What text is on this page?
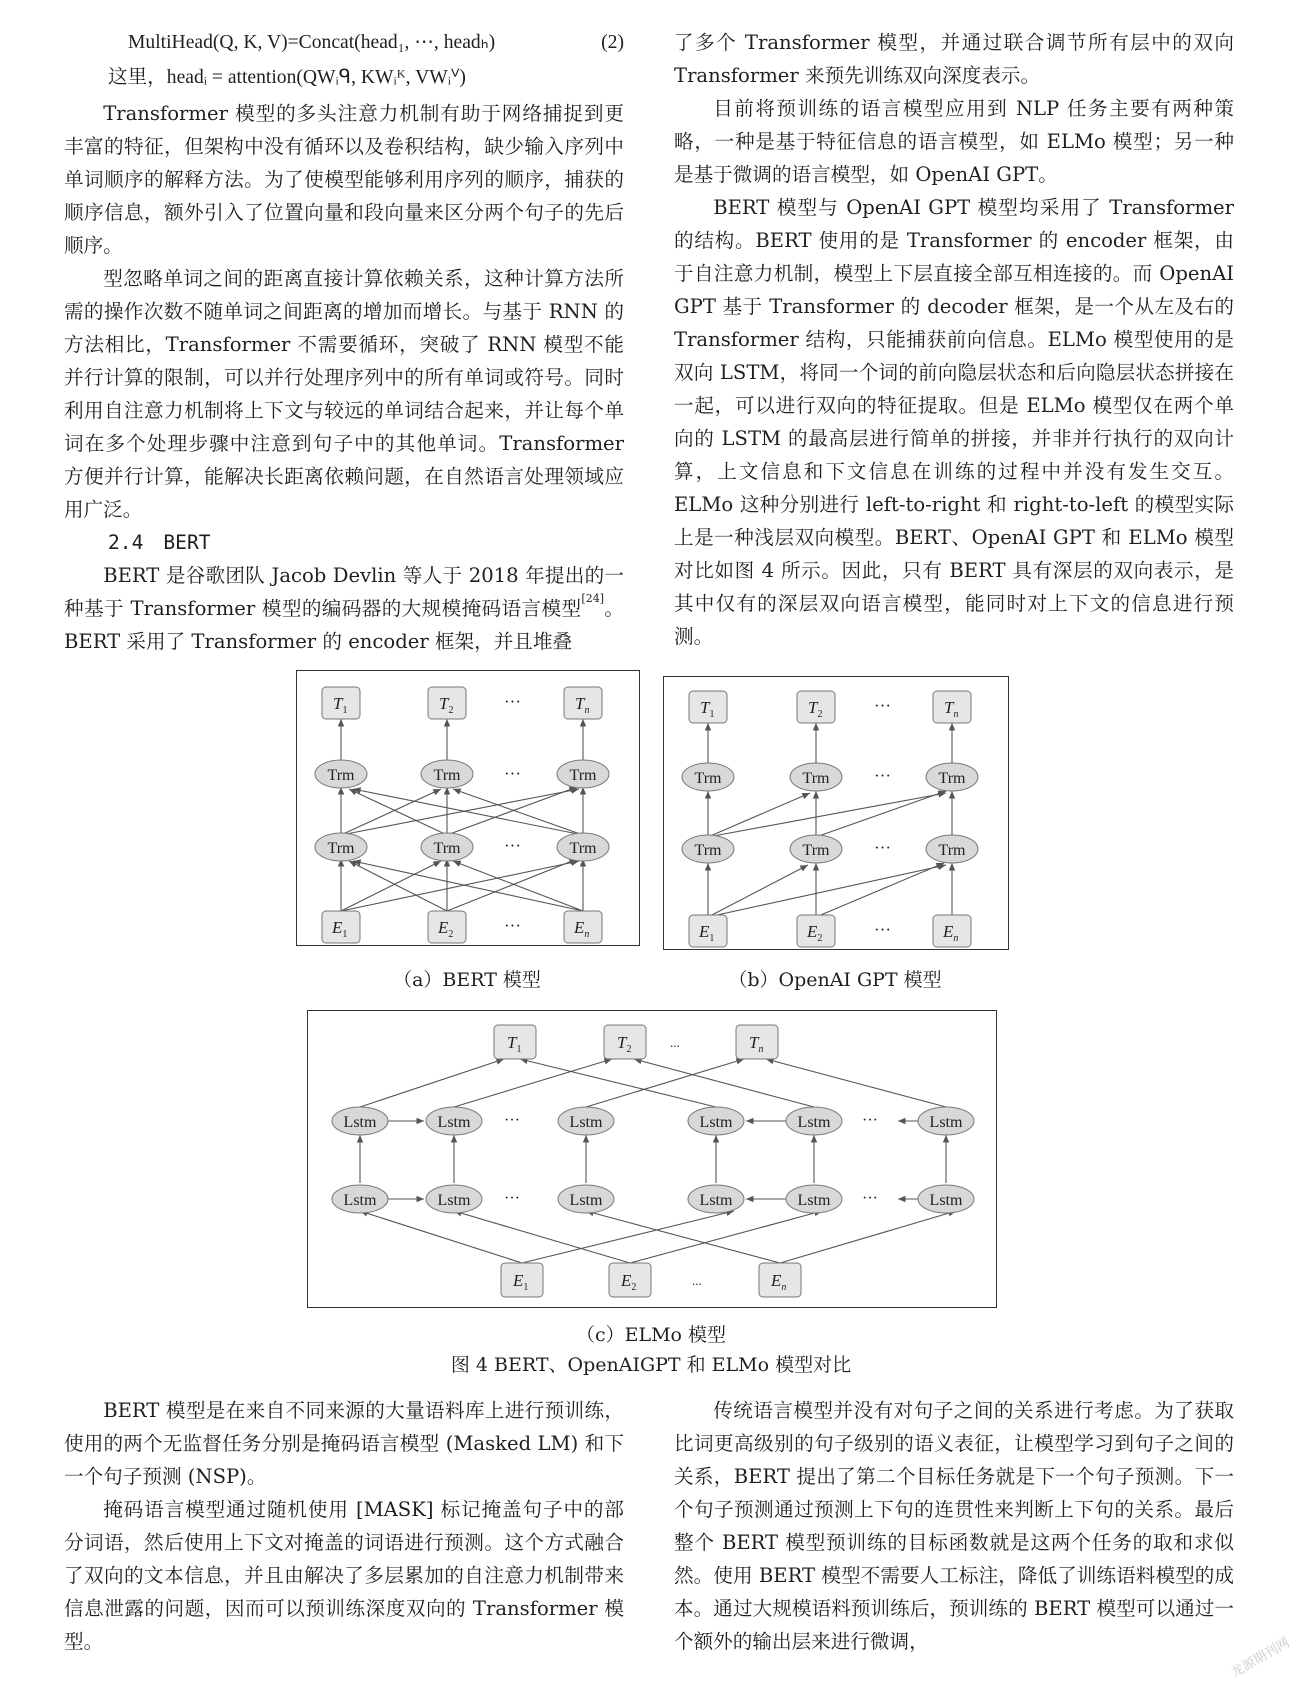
MultiHead(Q, K, V)=Concat(head₁, ⋯, headₕ)	(2)
这里，headᵢ = attention(QWᵢᑫ, KWᵢᴷ, VWᵢⱽ)

Transformer 模型的多头注意力机制有助于网络捕捉到更丰富的特征，但架构中没有循环以及卷积结构，缺少输入序列中单词顺序的解释方法。为了使模型能够利用序列的顺序，捕获的顺序信息，额外引入了位置向量和段向量来区分两个句子的先后顺序。

型忽略单词之间的距离直接计算依赖关系，这种计算方法所需的操作次数不随单词之间距离的增加而增长。与基于 RNN 的方法相比，Transformer 不需要循环，突破了 RNN 模型不能并行计算的限制，可以并行处理序列中的所有单词或符号。同时利用自注意力机制将上下文与较远的单词结合起来，并让每个单词在多个处理步骤中注意到句子中的其他单词。Transformer 方便并行计算，能解决长距离依赖问题，在自然语言处理领域应用广泛。

2.4 BERT

BERT 是谷歌团队 Jacob Devlin 等人于 2018 年提出的一种基于 Transformer 模型的编码器的大规模掩码语言模型[24]。BERT 采用了 Transformer 的 encoder 框架，并且堆叠

了多个 Transformer 模型，并通过联合调节所有层中的双向 Transformer 来预先训练双向深度表示。

目前将预训练的语言模型应用到 NLP 任务主要有两种策略，一种是基于特征信息的语言模型，如 ELMo 模型；另一种是基于微调的语言模型，如 OpenAI GPT。

BERT 模型与 OpenAI GPT 模型均采用了 Transformer 的结构。BERT 使用的是 Transformer 的 encoder 框架，由于自注意力机制，模型上下层直接全部互相连接的。而 OpenAI GPT 基于 Transformer 的 decoder 框架，是一个从左及右的 Transformer 结构，只能捕获前向信息。ELMo 模型使用的是双向 LSTM，将同一个词的前向隐层状态和后向隐层状态拼接在一起，可以进行双向的特征提取。但是 ELMo 模型仅在两个单向的 LSTM 的最高层进行简单的拼接，并非并行执行的双向计算，上文信息和下文信息在训练的过程中并没有发生交互。ELMo 这种分别进行 left-to-right 和 right-to-left 的模型实际上是一种浅层双向模型。BERT、OpenAI GPT 和 ELMo 模型对比如图 4 所示。因此，只有 BERT 具有深层的双向表示，是其中仅有的深层双向语言模型，能同时对上下文的信息进行预测。

$T_1$	$T_2$	$T_n$
···
Trm	Trm	Trm
Trm	Trm	Trm
···
···
$E_1$	$E_2$	$E_n$
···
（a）BERT 模型
$T_1$	$T_2$	$T_n$
···
Trm	Trm	Trm
Trm	Trm	Trm
···
···
$E_1$	$E_2$	$E_n$
···
（b）OpenAI GPT 模型
$T_1$	$T_2$	$T_n$
...
Lstm	Lstm	Lstm	Lstm	Lstm	Lstm
Lstm	Lstm	Lstm	Lstm	Lstm	Lstm
···	···
···	···
$E_1$	$E_2$	$E_n$
...
（c）ELMo 模型
图 4 BERT、OpenAIGPT 和 ELMo 模型对比

BERT 模型是在来自不同来源的大量语料库上进行预训练，使用的两个无监督任务分别是掩码语言模型 (Masked LM) 和下一个句子预测 (NSP)。

掩码语言模型通过随机使用 [MASK] 标记掩盖句子中的部分词语，然后使用上下文对掩盖的词语进行预测。这个方式融合了双向的文本信息，并且由解决了多层累加的自注意力机制带来信息泄露的问题，因而可以预训练深度双向的 Transformer 模型。

传统语言模型并没有对句子之间的关系进行考虑。为了获取比词更高级别的句子级别的语义表征，让模型学习到句子之间的关系，BERT 提出了第二个目标任务就是下一个句子预测。下一个句子预测通过预测上下句的连贯性来判断上下句的关系。最后整个 BERT 模型预训练的目标函数就是这两个任务的取和求似然。使用 BERT 模型不需要人工标注，降低了训练语料模型的成本。通过大规模语料预训练后，预训练的 BERT 模型可以通过一个额外的输出层来进行微调，	龙源期刊网
